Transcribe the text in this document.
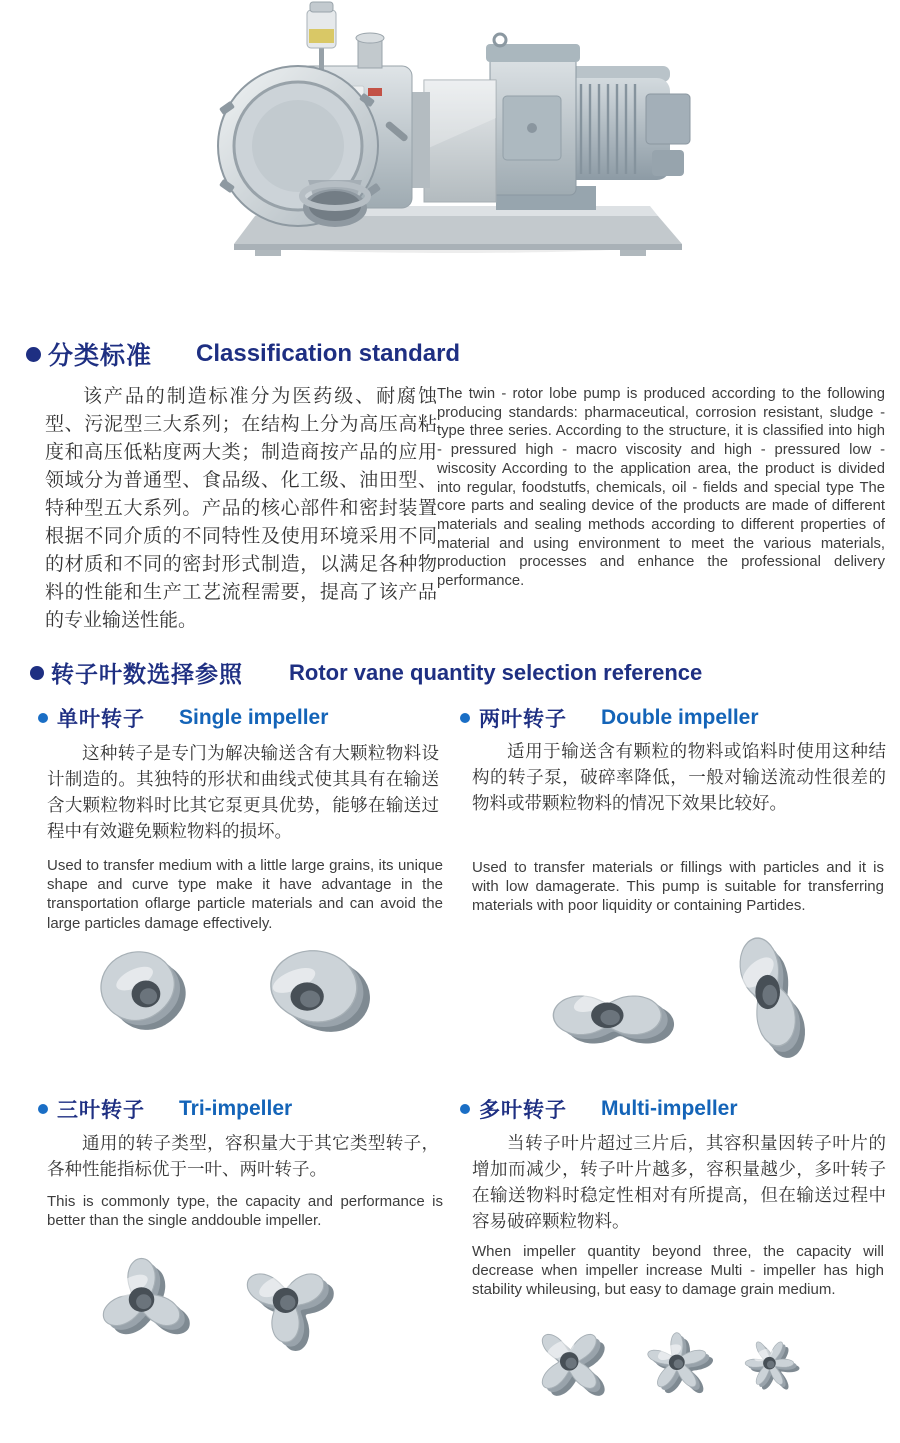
分类标准 Classification standard
该产品的制造标准分为医药级、耐腐蚀型、污泥型三大系列；在结构上分为高压高粘度和高压低粘度两大类；制造商按产品的应用领域分为普通型、食品级、化工级、油田型、特种型五大系列。产品的核心部件和密封装置根据不同介质的不同特性及使用环境采用不同的材质和不同的密封形式制造，以满足各种物料的性能和生产工艺流程需要，提高了该产品的专业输送性能。
The twin - rotor lobe pump is produced according to the following producing standards: pharmaceutical, corrosion resistant, sludge - type three series. According to the structure, it is classified into high - pressured high - macro viscosity and high - pressured low - wiscosity According to the application area, the product is divided into regular, foodstutfs, chemicals, oil - fields and special type The core parts and sealing device of the products are made of different materials and sealing methods according to different properties of material and using environment to meet the various materials, production processes and enhance the professional delivery performance.
转子叶数选择参照 Rotor vane quantity selection reference
单叶转子 Single impeller
这种转子是专门为解决输送含有大颗粒物料设计制造的。其独特的形状和曲线式使其具有在输送含大颗粒物料时比其它泵更具优势，能够在输送过程中有效避免颗粒物料的损坏。
Used to transfer medium with a little large grains, its unique shape and curve type make it have advantage in the transportation oflarge particle materials and can avoid the large particles damage effectively.
两叶转子 Double impeller
适用于输送含有颗粒的物料或馅料时使用这种结构的转子泵，破碎率降低，一般对输送流动性很差的物料或带颗粒物料的情况下效果比较好。
Used to transfer materials or fillings with particles and it is with low damagerate. This pump is suitable for transferring materials with poor liquidity or containing Partides.
三叶转子 Tri-impeller
通用的转子类型，容积量大于其它类型转子，各种性能指标优于一叶、两叶转子。
This is commonly type, the capacity and performance is better than the single anddouble impeller.
多叶转子 Multi-impeller
当转子叶片超过三片后，其容积量因转子叶片的增加而减少，转子叶片越多，容积量越少，多叶转子在输送物料时稳定性相对有所提高，但在输送过程中容易破碎颗粒物料。
When impeller quantity beyond three, the capacity will decrease when impeller increase Multi - impeller has high stability whileusing, but easy to damage grain medium.
